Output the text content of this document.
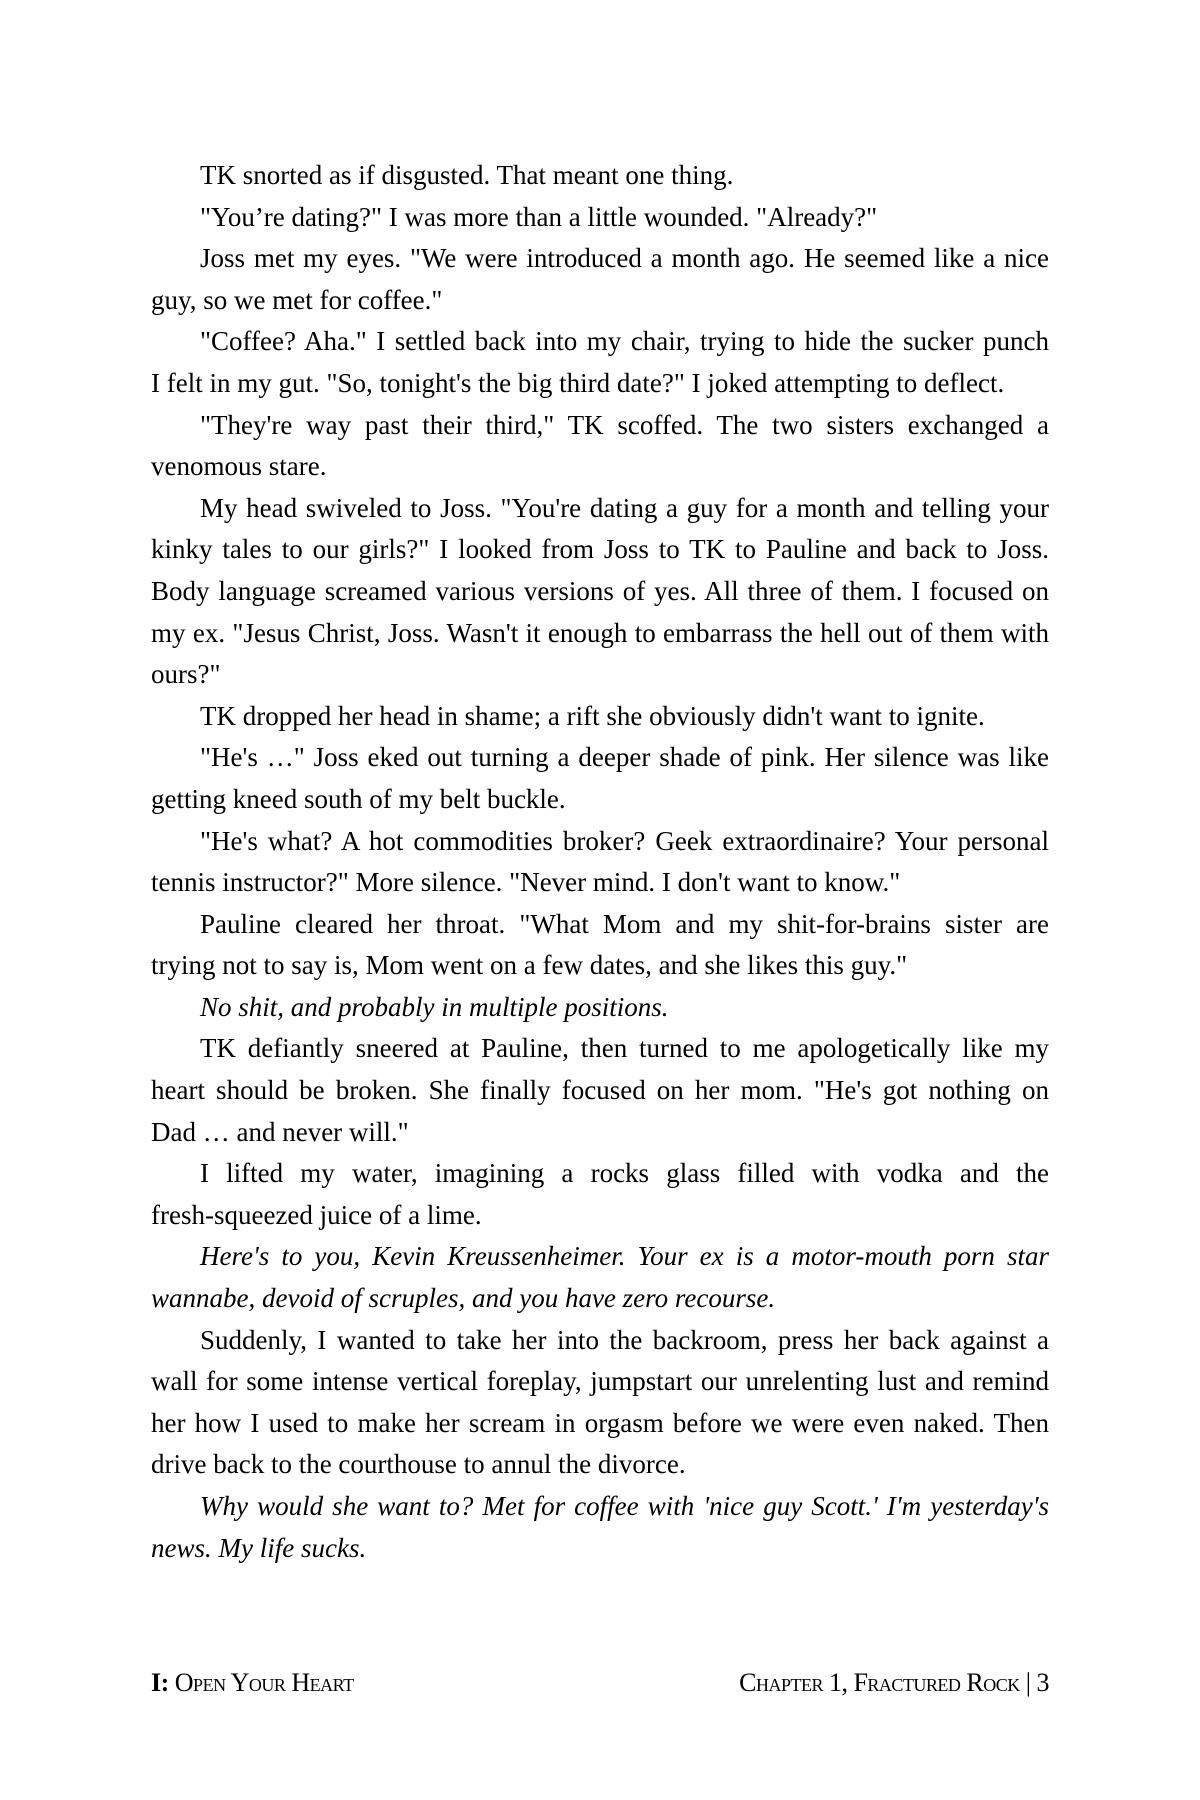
TK snorted as if disgusted. That meant one thing.
"You’re dating?" I was more than a little wounded. "Already?"
Joss met my eyes. "We were introduced a month ago. He seemed like a nice
guy, so we met for coffee."
"Coffee? Aha." I settled back into my chair, trying to hide the sucker punch
I felt in my gut. "So, tonight's the big third date?" I joked attempting to deflect.
"They're way past their third," TK scoffed. The two sisters exchanged a
venomous stare.
My head swiveled to Joss. "You're dating a guy for a month and telling your
kinky tales to our girls?" I looked from Joss to TK to Pauline and back to Joss.
Body language screamed various versions of yes. All three of them. I focused on
my ex. "Jesus Christ, Joss. Wasn't it enough to embarrass the hell out of them with
ours?"
TK dropped her head in shame; a rift she obviously didn't want to ignite.
"He's …" Joss eked out turning a deeper shade of pink. Her silence was like
getting kneed south of my belt buckle.
"He's what? A hot commodities broker? Geek extraordinaire? Your personal
tennis instructor?" More silence. "Never mind. I don't want to know."
Pauline cleared her throat. "What Mom and my shit-for-brains sister are
trying not to say is, Mom went on a few dates, and she likes this guy."
No shit, and probably in multiple positions.
TK defiantly sneered at Pauline, then turned to me apologetically like my
heart should be broken. She finally focused on her mom. "He's got nothing on
Dad … and never will."
I lifted my water, imagining a rocks glass filled with vodka and the
fresh-squeezed juice of a lime.
Here's to you, Kevin Kreussenheimer. Your ex is a motor-mouth porn star
wannabe, devoid of scruples, and you have zero recourse.
Suddenly, I wanted to take her into the backroom, press her back against a
wall for some intense vertical foreplay, jumpstart our unrelenting lust and remind
her how I used to make her scream in orgasm before we were even naked. Then
drive back to the courthouse to annul the divorce.
Why would she want to? Met for coffee with 'nice guy Scott.' I'm yesterday's
news. My life sucks.
I: Open Your Heart	Chapter 1, Fractured Rock | 3
